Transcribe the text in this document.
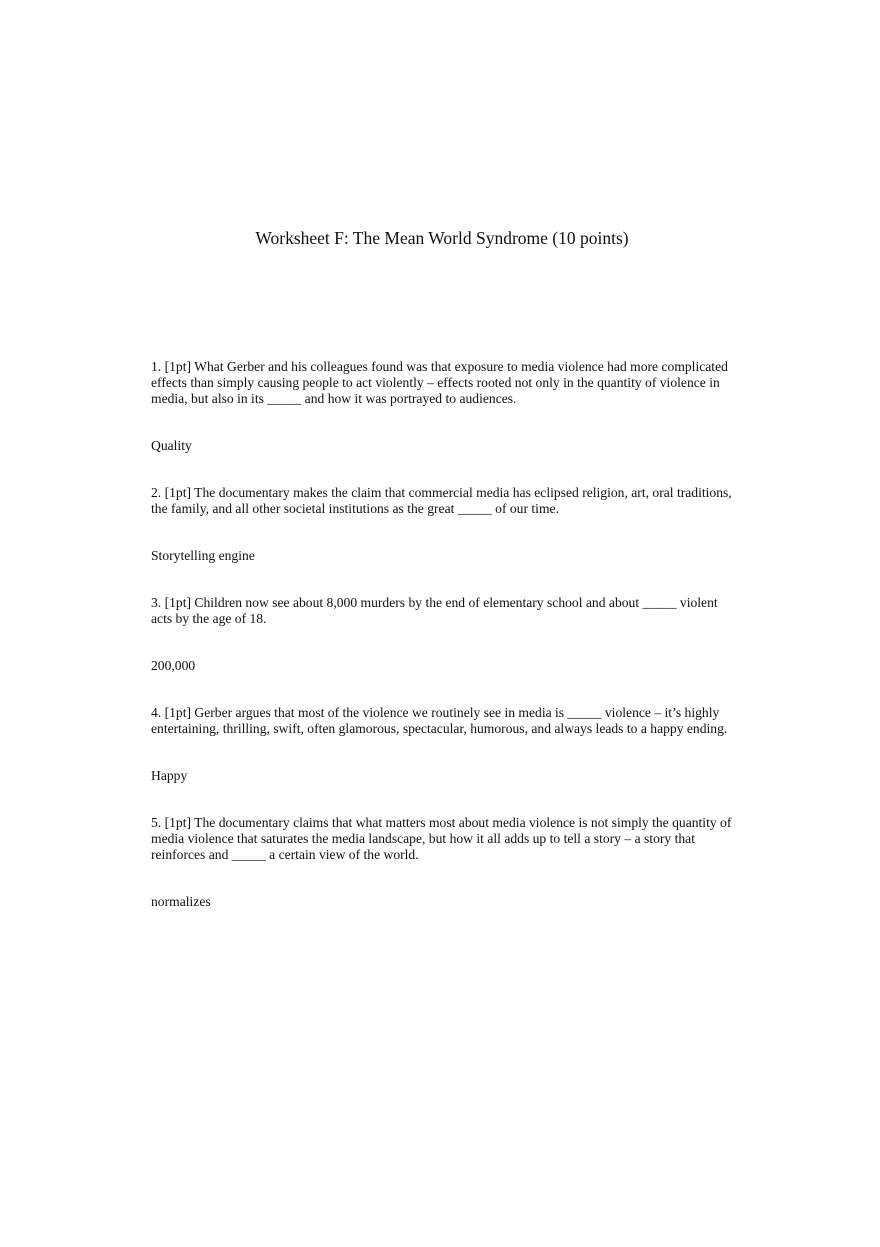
Worksheet F: The Mean World Syndrome (10 points)

1. [1pt] What Gerber and his colleagues found was that exposure to media violence had more complicated effects than simply causing people to act violently – effects rooted not only in the quantity of violence in media, but also in its _____ and how it was portrayed to audiences.

Quality

2. [1pt] The documentary makes the claim that commercial media has eclipsed religion, art, oral traditions, the family, and all other societal institutions as the great _____ of our time.

Storytelling engine

3. [1pt] Children now see about 8,000 murders by the end of elementary school and about _____ violent acts by the age of 18.

200,000

4. [1pt] Gerber argues that most of the violence we routinely see in media is _____ violence – it’s highly entertaining, thrilling, swift, often glamorous, spectacular, humorous, and always leads to a happy ending.

Happy

5. [1pt] The documentary claims that what matters most about media violence is not simply the quantity of media violence that saturates the media landscape, but how it all adds up to tell a story – a story that reinforces and _____ a certain view of the world.

normalizes
